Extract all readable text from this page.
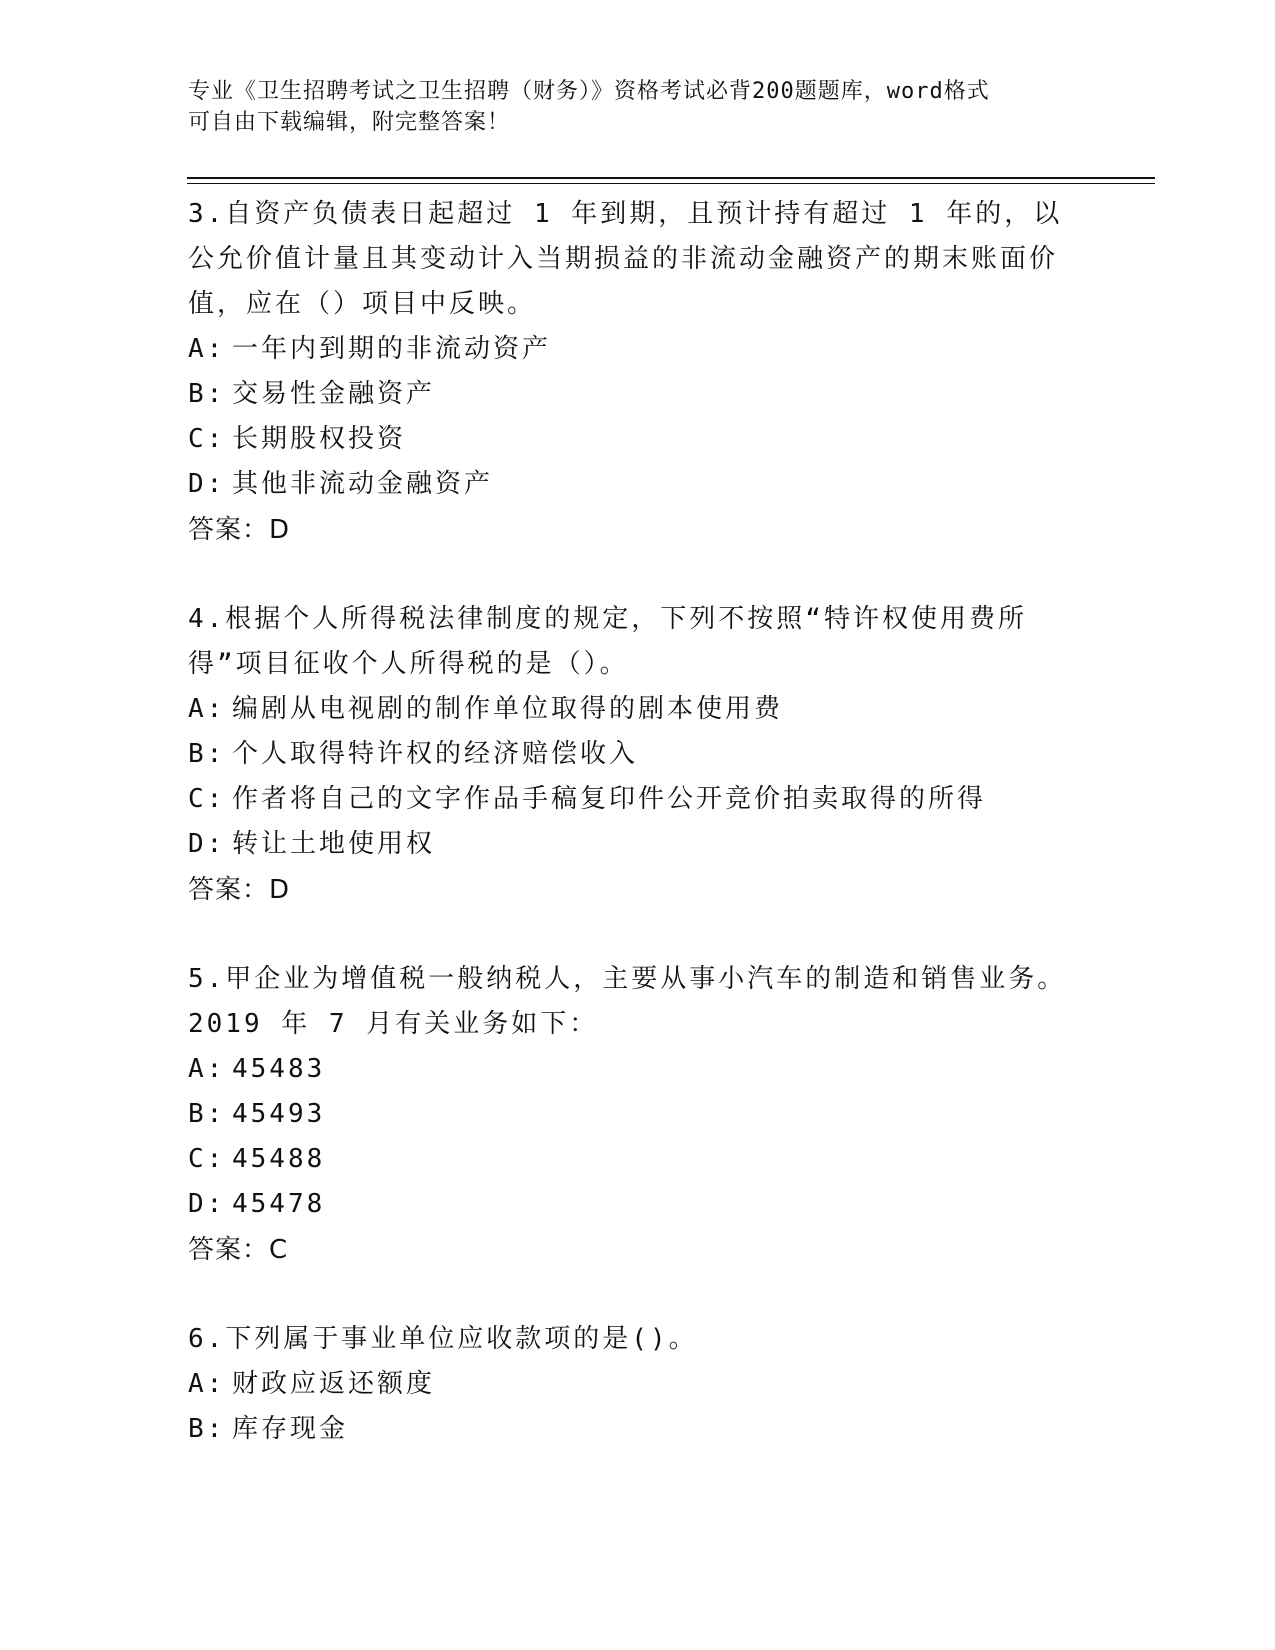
专业《卫生招聘考试之卫生招聘（财务）》资格考试必背200题题库，word格式
可自由下载编辑，附完整答案！

3.自资产负债表日起超过 1 年到期，且预计持有超过 1 年的，以公允价值计量且其变动计入当期损益的非流动金融资产的期末账面价值，应在（）项目中反映。

A: 一年内到期的非流动资产
B: 交易性金融资产
C: 长期股权投资
D: 其他非流动金融资产
答案：D

4.根据个人所得税法律制度的规定，下列不按照“特许权使用费所得”项目征收个人所得税的是（）。

A: 编剧从电视剧的制作单位取得的剧本使用费
B: 个人取得特许权的经济赔偿收入
C: 作者将自己的文字作品手稿复印件公开竞价拍卖取得的所得
D: 转让土地使用权
答案：D

5.甲企业为增值税一般纳税人，主要从事小汽车的制造和销售业务。2019 年 7 月有关业务如下：

A: 45483
B: 45493
C: 45488
D: 45478
答案：C

6.下列属于事业单位应收款项的是()。

A: 财政应返还额度
B: 库存现金
